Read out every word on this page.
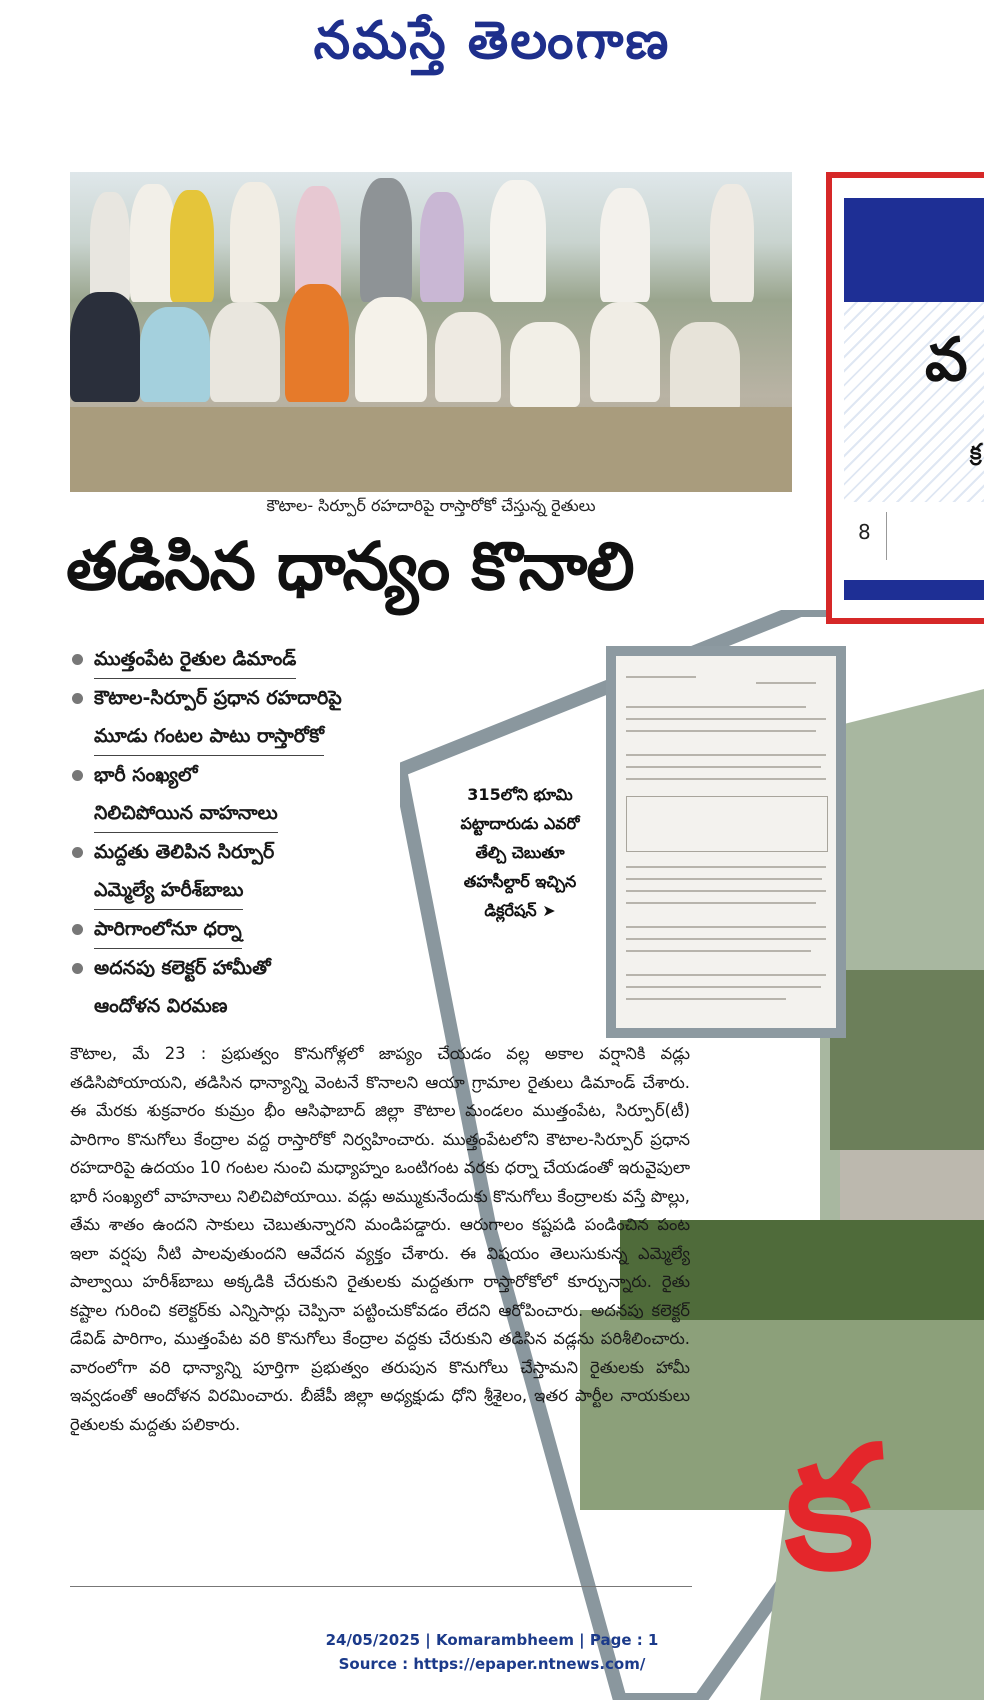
నమస్తే తెలంగాణ
కౌటాల- సిర్పూర్ రహదారిపై రాస్తారోకో చేస్తున్న రైతులు
తడిసిన ధాన్యం కొనాలి
ముత్తంపేట రైతుల డిమాండ్
కౌటాల-సిర్పూర్ ప్రధాన రహదారిపై
మూడు గంటల పాటు రాస్తారోకో
భారీ సంఖ్యలో
నిలిచిపోయిన వాహనాలు
మద్దతు తెలిపిన సిర్పూర్
ఎమ్మెల్యే హరీశ్‌బాబు
పారిగాంలోనూ ధర్నా
అదనపు కలెక్టర్ హామీతో
ఆందోళన విరమణ
వ
క్ర
8
315లోని భూమి పట్టాదారుడు ఎవరో తేల్చి చెబుతూ తహసీల్దార్ ఇచ్చిన డిక్లరేషన్ ➤
కౌటాల, మే 23 : ప్రభుత్వం కొనుగోళ్లలో జాప్యం చేయడం వల్ల అకాల వర్షానికి వడ్లు తడిసిపోయాయని, తడిసిన ధాన్యాన్ని వెంటనే కొనాలని ఆయా గ్రామాల రైతులు డిమాండ్ చేశారు. ఈ మేరకు శుక్రవారం కుమ్రం భీం ఆసిఫాబాద్ జిల్లా కౌటాల మండలం ముత్తంపేట, సిర్పూర్(టీ) పారిగాం కొనుగోలు కేంద్రాల వద్ద రాస్తారోకో నిర్వహించారు. ముత్తంపేటలోని కౌటాల-సిర్పూర్ ప్రధాన రహదారిపై ఉదయం 10 గంటల నుంచి మధ్యాహ్నం ఒంటిగంట వరకు ధర్నా చేయడంతో ఇరువైపులా భారీ సంఖ్యలో వాహనాలు నిలిచిపోయాయి. వడ్లు అమ్ముకునేందుకు కొనుగోలు కేంద్రాలకు వస్తే పొల్లు, తేమ శాతం ఉందని సాకులు చెబుతున్నారని మండిపడ్డారు. ఆరుగాలం కష్టపడి పండించిన పంట ఇలా వర్షపు నీటి పాలవుతుందని ఆవేదన వ్యక్తం చేశారు. ఈ విషయం తెలుసుకున్న ఎమ్మెల్యే పాల్వాయి హరీశ్‌బాబు అక్కడికి చేరుకుని రైతులకు మద్దతుగా రాస్తారోకోలో కూర్చున్నారు. రైతు కష్టాల గురించి కలెక్టర్‌కు ఎన్నిసార్లు చెప్పినా పట్టించుకోవడం లేదని ఆరోపించారు. అదనపు కలెక్టర్ డేవిడ్ పారిగాం, ముత్తంపేట వరి కొనుగోలు కేంద్రాల వద్దకు చేరుకుని తడిసిన వడ్లను పరిశీలించారు. వారంలోగా వరి ధాన్యాన్ని పూర్తిగా ప్రభుత్వం తరుపున కొనుగోలు చేస్తామని రైతులకు హామీ ఇవ్వడంతో ఆందోళన విరమించారు. బీజేపీ జిల్లా అధ్యక్షుడు ధోని శ్రీశైలం, ఇతర పార్టీల నాయకులు రైతులకు మద్దతు పలికారు.	క
24/05/2025 | Komarambheem | Page : 1
Source : https://epaper.ntnews.com/
